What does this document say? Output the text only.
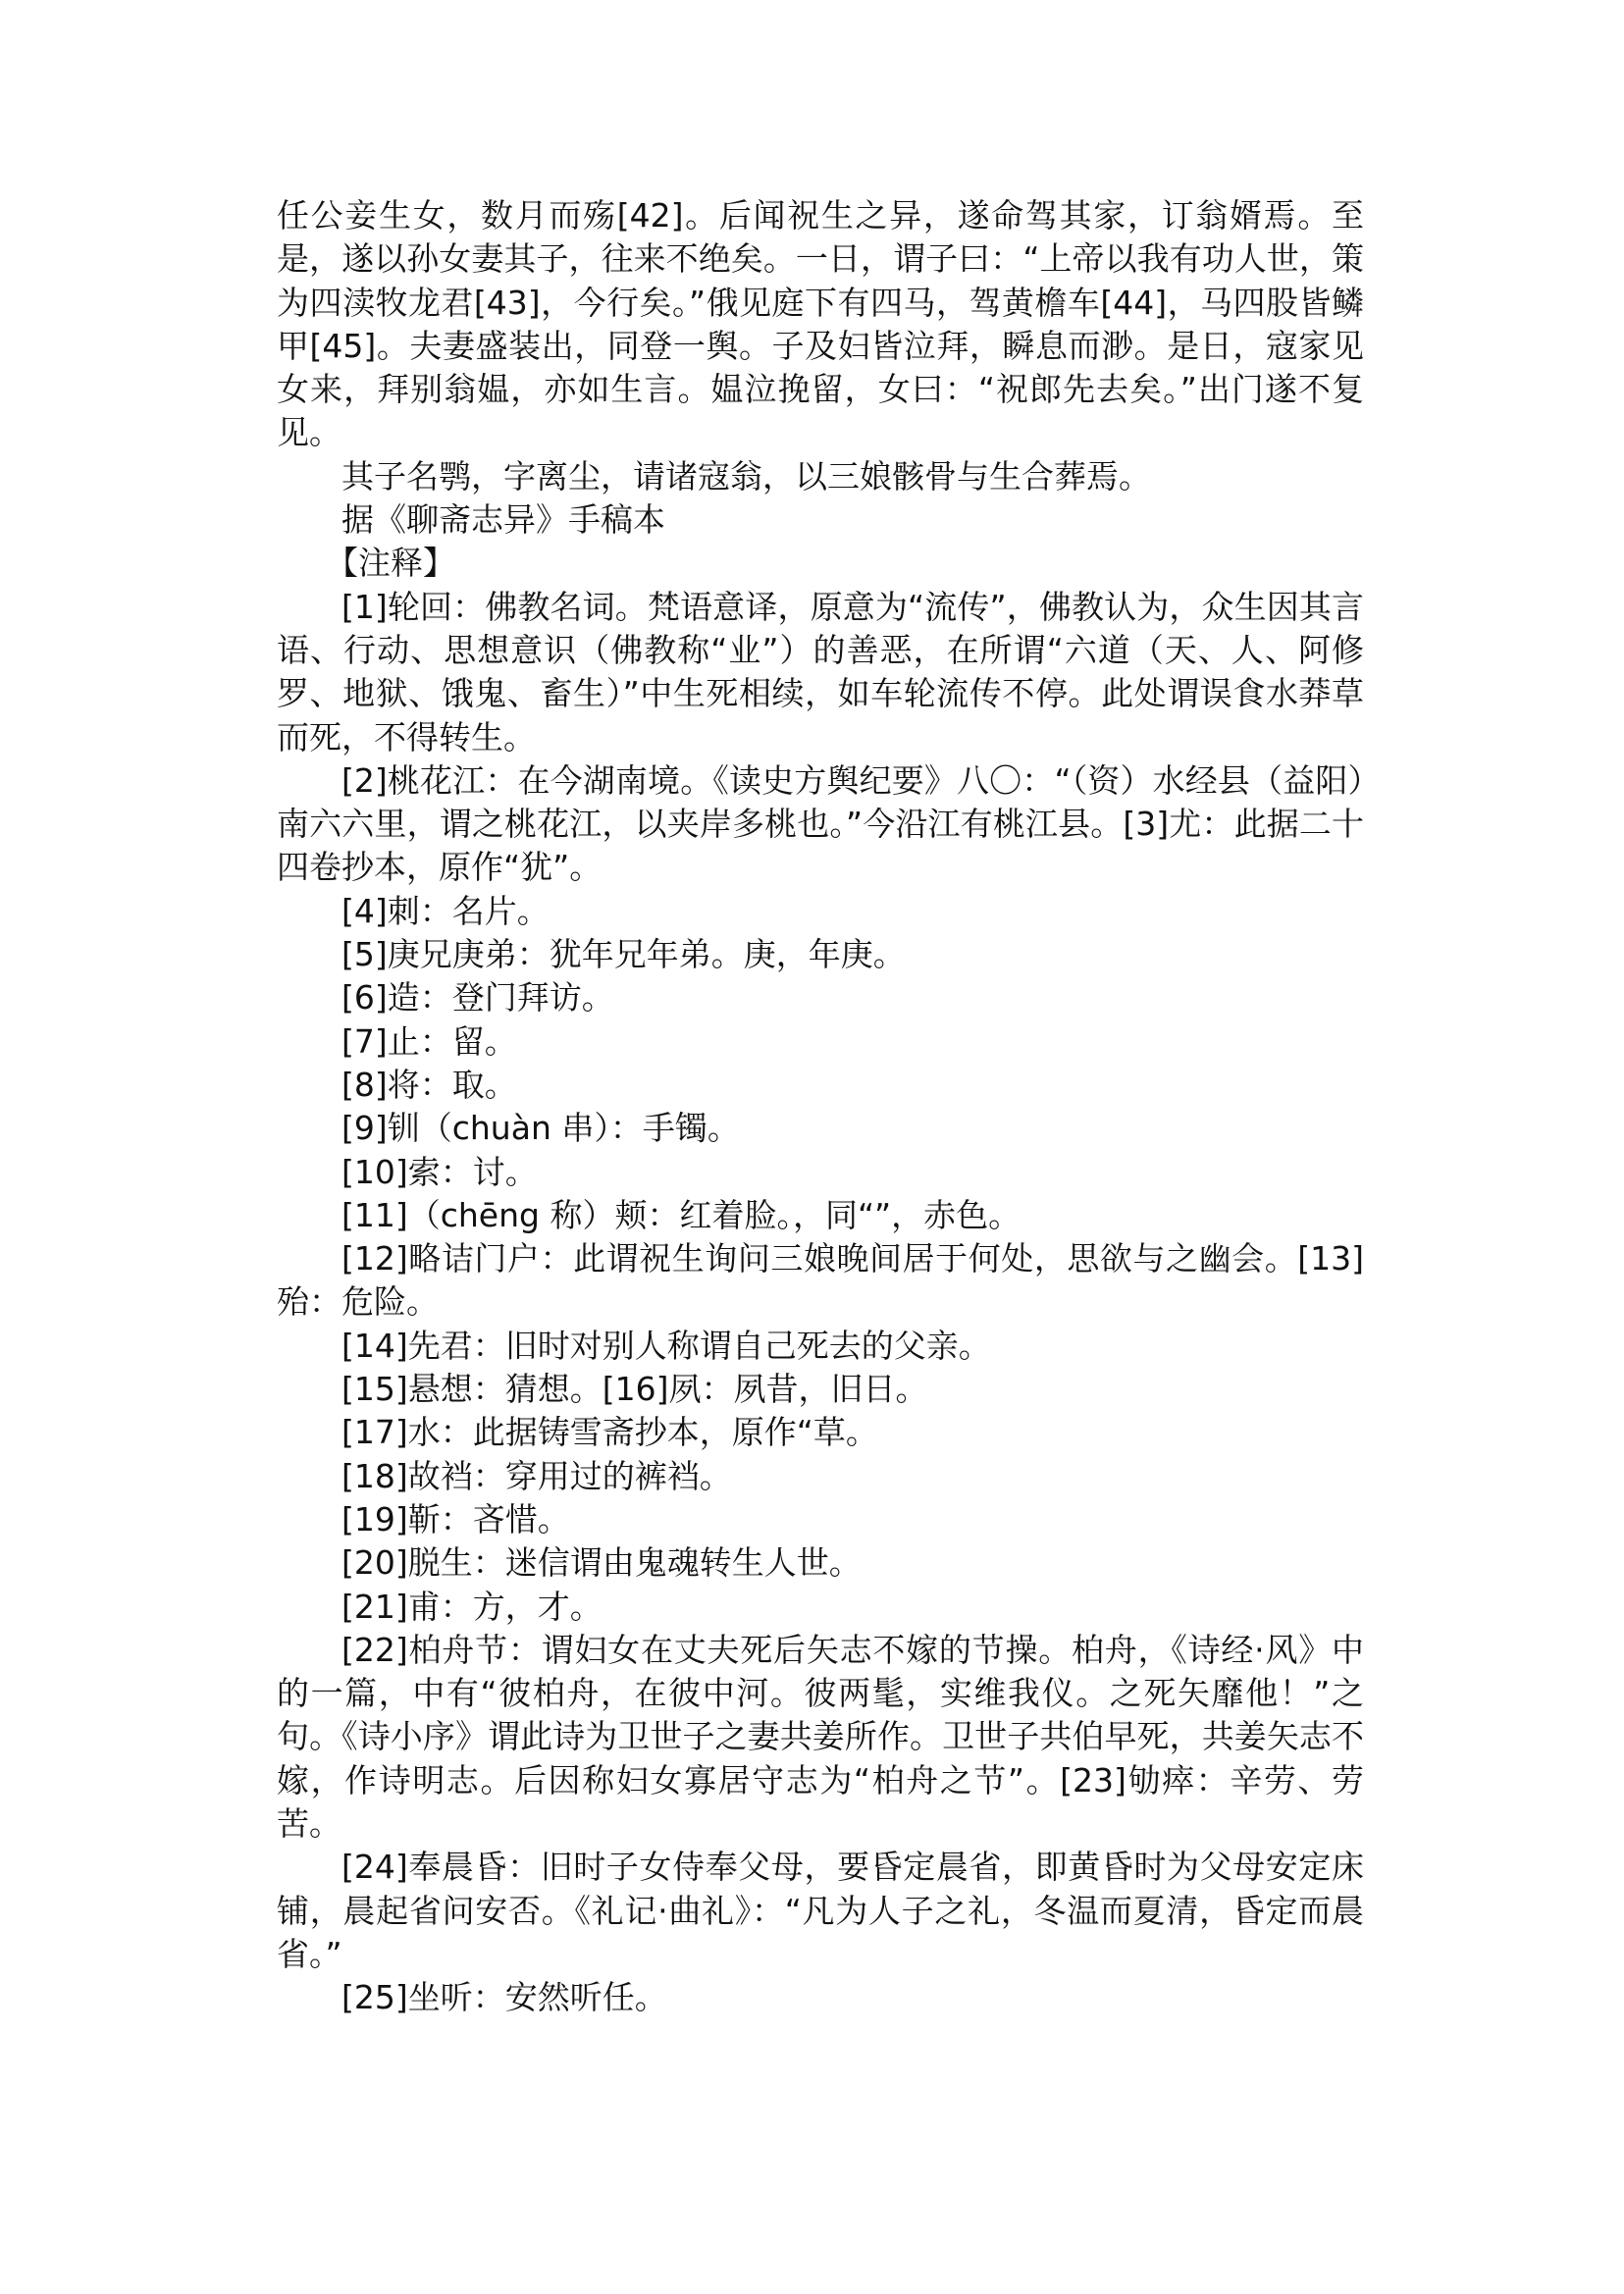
任公妾生女，数月而殇[42]。后闻祝生之异，遂命驾其家，订翁婿焉。至是，遂以孙女妻其子，往来不绝矣。一日，谓子曰：“上帝以我有功人世，策为四渎牧龙君[43]，今行矣。”俄见庭下有四马，驾黄檐车[44]，马四股皆鳞甲[45]。夫妻盛装出，同登一舆。子及妇皆泣拜，瞬息而渺。是日，寇家见女来，拜别翁媪，亦如生言。媪泣挽留，女曰：“祝郎先去矣。”出门遂不复见。

其子名鹗，字离尘，请诸寇翁，以三娘骸骨与生合葬焉。

据《聊斋志异》手稿本

【注释】

[1]轮回：佛教名词。梵语意译，原意为“流传”，佛教认为，众生因其言语、行动、思想意识（佛教称“业”）的善恶，在所谓“六道（天、人、阿修罗、地狱、饿鬼、畜生）”中生死相续，如车轮流传不停。此处谓误食水莽草而死，不得转生。

[2]桃花江：在今湖南境。《读史方舆纪要》八〇：“（资）水经县（益阳）南六六里，谓之桃花江，以夹岸多桃也。”今沿江有桃江县。[3]尤：此据二十四卷抄本，原作“犹”。

[4]刺：名片。

[5]庚兄庚弟：犹年兄年弟。庚，年庚。

[6]造：登门拜访。

[7]止：留。

[8]将：取。

[9]钏（chuàn 串）：手镯。

[10]索：讨。

[11]（chēng 称）颊：红着脸。，同“”，赤色。

[12]略诘门户：此谓祝生询问三娘晚间居于何处，思欲与之幽会。[13]殆：危险。

[14]先君：旧时对别人称谓自己死去的父亲。

[15]悬想：猜想。[16]夙：夙昔，旧日。

[17]水：此据铸雪斋抄本，原作“草。

[18]故裆：穿用过的裤裆。

[19]靳：吝惜。

[20]脱生：迷信谓由鬼魂转生人世。

[21]甫：方，才。

[22]柏舟节：谓妇女在丈夫死后矢志不嫁的节操。柏舟，《诗经·风》中的一篇，中有“彼柏舟，在彼中河。彼两髦，实维我仪。之死矢靡他！”之句。《诗小序》谓此诗为卫世子之妻共姜所作。卫世子共伯早死，共姜矢志不嫁，作诗明志。后因称妇女寡居守志为“柏舟之节”。[23]劬瘁：辛劳、劳苦。

[24]奉晨昏：旧时子女侍奉父母，要昏定晨省，即黄昏时为父母安定床铺，晨起省问安否。《礼记·曲礼》：“凡为人子之礼，冬温而夏清，昏定而晨省。”

[25]坐听：安然听任。
